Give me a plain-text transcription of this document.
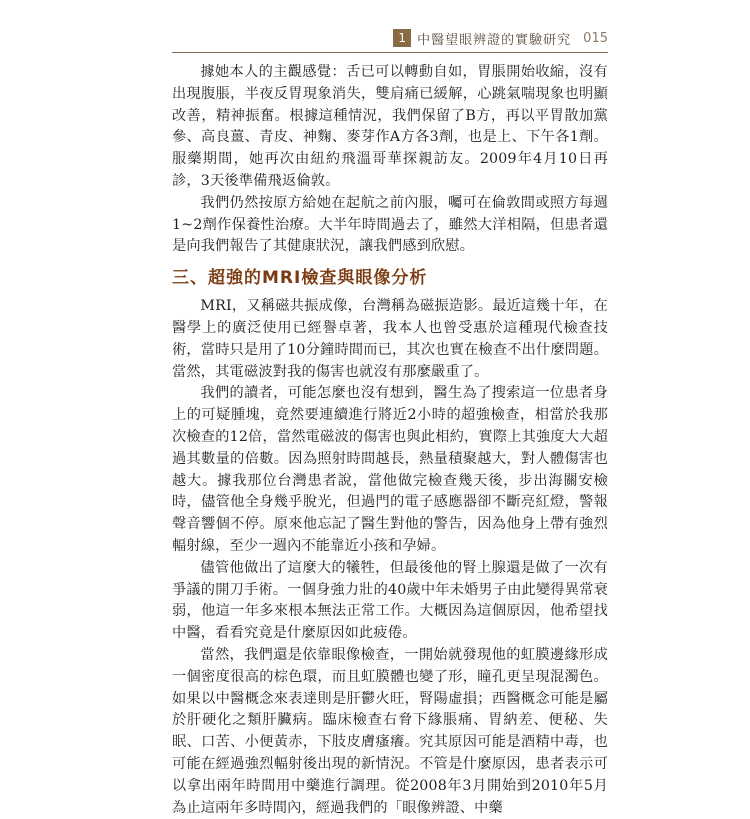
1 中醫望眼辨證的實驗研究 015

據她本人的主觀感覺：舌已可以轉動自如，胃脹開始收縮，沒有出現腹脹，半夜反胃現象消失，雙肩痛已緩解，心跳氣喘現象也明顯改善，精神振奮。根據這種情況，我們保留了B方，再以平胃散加黨參、高良薑、青皮、神麴、麥芽作A方各3劑，也是上、下午各1劑。服藥期間，她再次由紐約飛溫哥華探親訪友。2009年4月10日再診，3天後準備飛返倫敦。

我們仍然按原方給她在起航之前內服，囑可在倫敦間或照方每週1~2劑作保養性治療。大半年時間過去了，雖然大洋相隔，但患者還是向我們報告了其健康狀況，讓我們感到欣慰。

三、超強的MRI檢查與眼像分析

MRI，又稱磁共振成像，台灣稱為磁振造影。最近這幾十年，在醫學上的廣泛使用已經譽卓著，我本人也曾受惠於這種現代檢查技術，當時只是用了10分鐘時間而已，其次也實在檢查不出什麼問題。當然，其電磁波對我的傷害也就沒有那麼嚴重了。

我們的讀者，可能怎麼也沒有想到，醫生為了搜索這一位患者身上的可疑腫塊，竟然要連續進行將近2小時的超強檢查，相當於我那次檢查的12倍，當然電磁波的傷害也與此相約，實際上其強度大大超過其數量的倍數。因為照射時間越長，熱量積聚越大，對人體傷害也越大。據我那位台灣患者說，當他做完檢查幾天後，步出海關安檢時，儘管他全身幾乎脫光，但過門的電子感應器卻不斷亮紅燈，警報聲音響個不停。原來他忘記了醫生對他的警告，因為他身上帶有強烈輻射線，至少一週內不能靠近小孩和孕婦。

儘管他做出了這麼大的犧牲，但最後他的腎上腺還是做了一次有爭議的開刀手術。一個身強力壯的40歲中年未婚男子由此變得異常衰弱，他這一年多來根本無法正常工作。大概因為這個原因，他希望找中醫，看看究竟是什麼原因如此疲倦。

當然，我們還是依靠眼像檢查，一開始就發現他的虹膜邊緣形成一個密度很高的棕色環，而且虹膜體也變了形，瞳孔更呈現混濁色。如果以中醫概念來表達則是肝鬱火旺，腎陽虛損；西醫概念可能是屬於肝硬化之類肝臟病。臨床檢查右脅下緣脹痛、胃納差、便秘、失眠、口苦、小便黃赤，下肢皮膚瘙癢。究其原因可能是酒精中毒，也可能在經過強烈輻射後出現的新情況。不管是什麼原因，患者表示可以拿出兩年時間用中藥進行調理。從2008年3月開始到2010年5月為止這兩年多時間內，經過我們的「眼像辨證、中藥
